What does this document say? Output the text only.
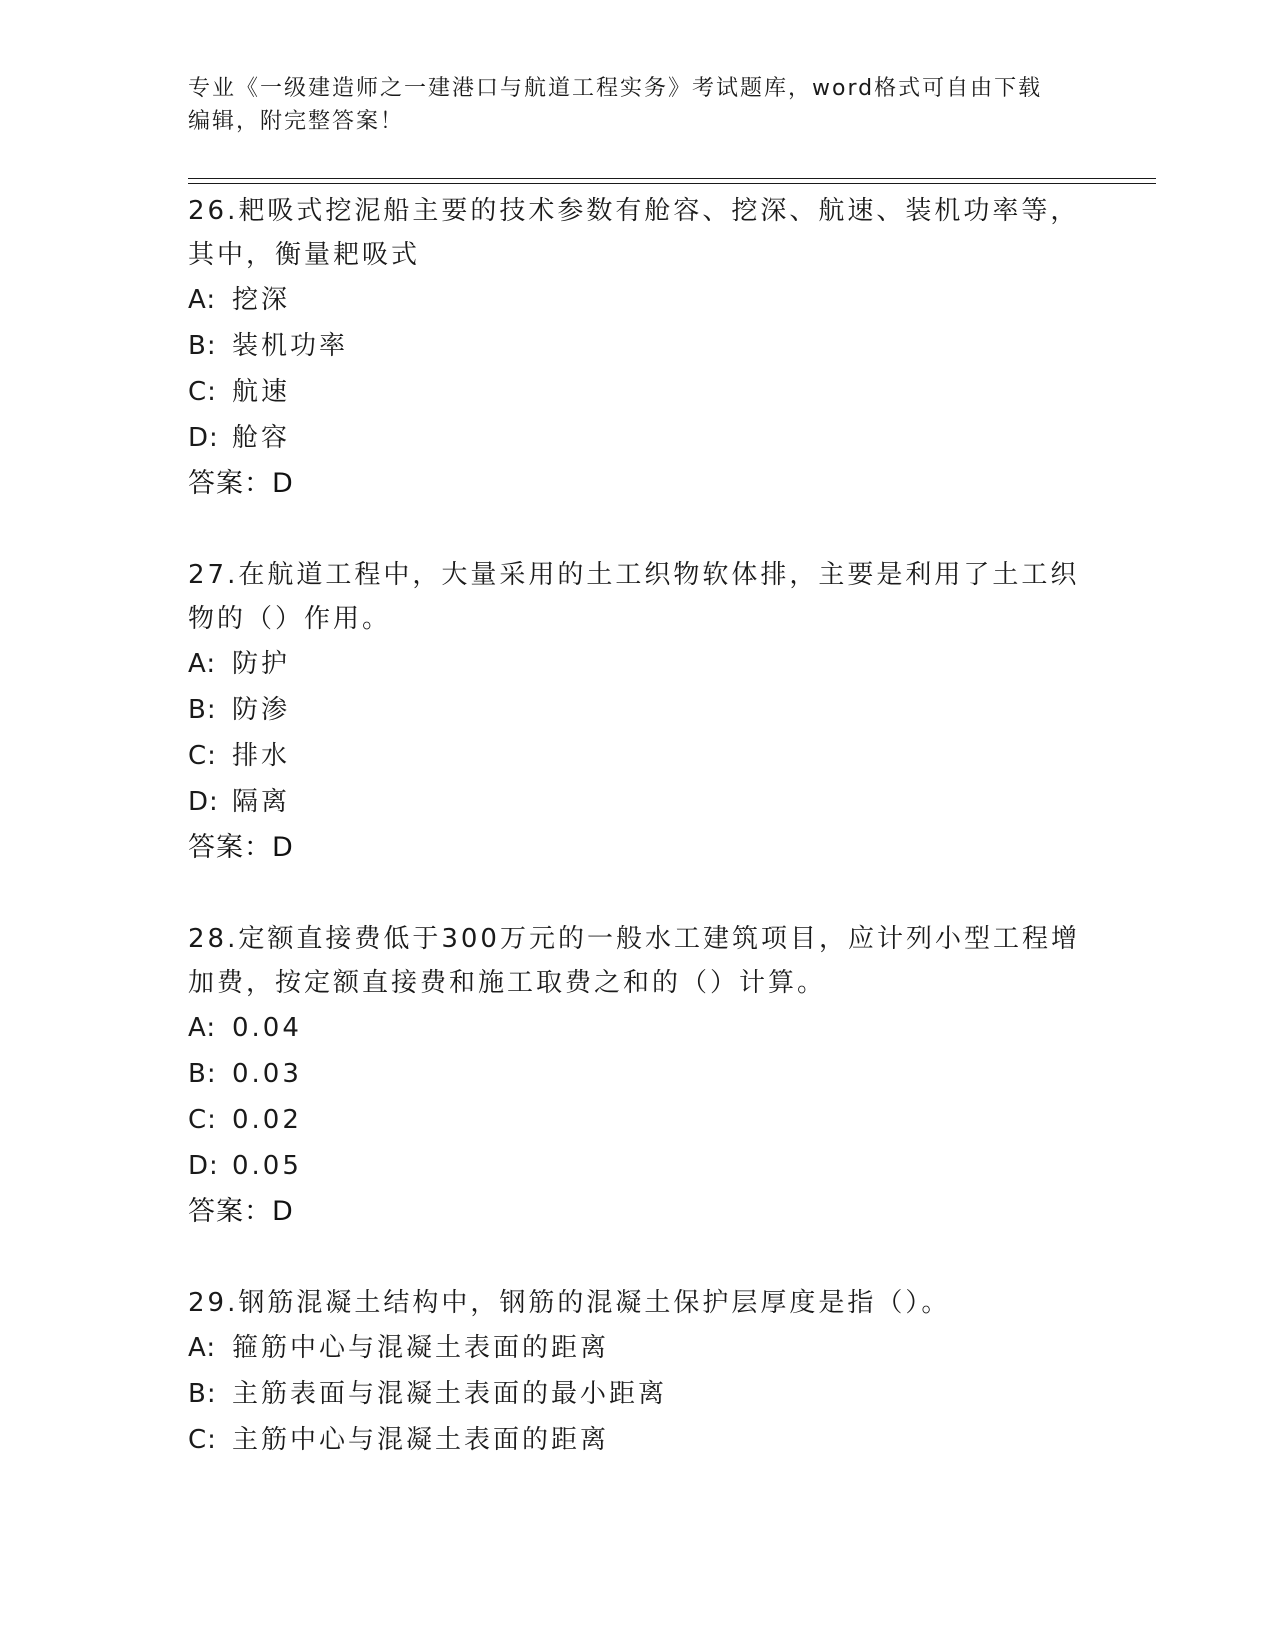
专业《一级建造师之一建港口与航道工程实务》考试题库，word格式可自由下载
编辑，附完整答案！
26.耙吸式挖泥船主要的技术参数有舱容、挖深、航速、装机功率等，
其中，衡量耙吸式
A: 挖深
B: 装机功率
C: 航速
D: 舱容
答案：D
27.在航道工程中，大量采用的土工织物软体排，主要是利用了土工织
物的（）作用。
A: 防护
B: 防渗
C: 排水
D: 隔离
答案：D
28.定额直接费低于300万元的一般水工建筑项目，应计列小型工程增
加费，按定额直接费和施工取费之和的（）计算。
A: 0.04
B: 0.03
C: 0.02
D: 0.05
答案：D
29.钢筋混凝土结构中，钢筋的混凝土保护层厚度是指（）。
A: 箍筋中心与混凝土表面的距离
B: 主筋表面与混凝土表面的最小距离
C: 主筋中心与混凝土表面的距离
